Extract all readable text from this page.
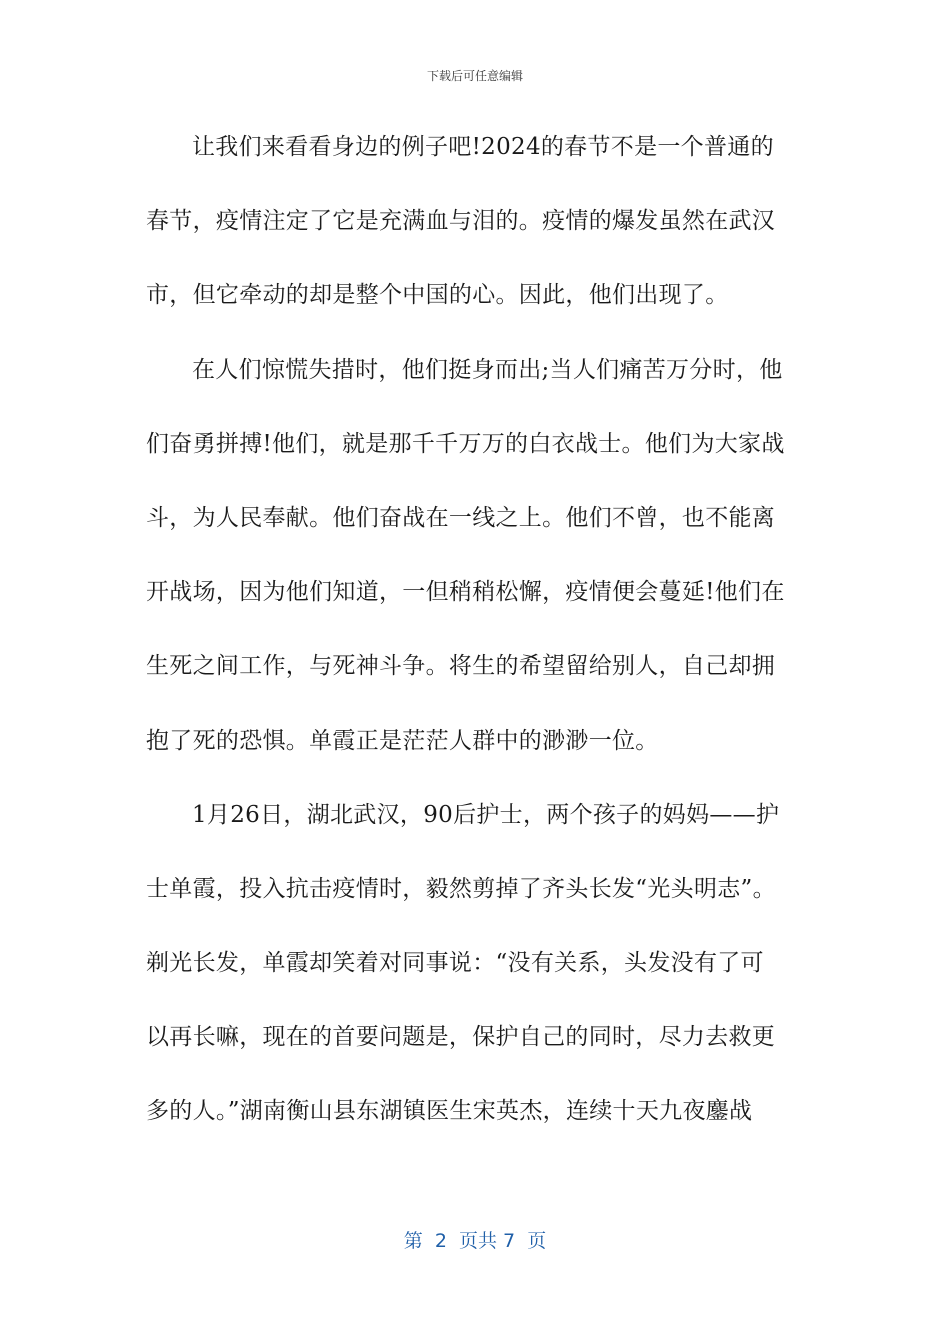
下载后可任意编辑
让我们来看看身边的例子吧!2024的春节不是一个普通的
春节，疫情注定了它是充满血与泪的。疫情的爆发虽然在武汉
市，但它牵动的却是整个中国的心。因此，他们出现了。
在人们惊慌失措时，他们挺身而出;当人们痛苦万分时，他
们奋勇拼搏!他们，就是那千千万万的白衣战士。他们为大家战
斗，为人民奉献。他们奋战在一线之上。他们不曾，也不能离
开战场，因为他们知道，一但稍稍松懈，疫情便会蔓延!他们在
生死之间工作，与死神斗争。将生的希望留给别人，自己却拥
抱了死的恐惧。单霞正是茫茫人群中的渺渺一位。
1月26日，湖北武汉，90后护士，两个孩子的妈妈——护
士单霞，投入抗击疫情时，毅然剪掉了齐头长发“光头明志”。
剃光长发，单霞却笑着对同事说：“没有关系，头发没有了可
以再长嘛，现在的首要问题是，保护自己的同时，尽力去救更
多的人。”湖南衡山县东湖镇医生宋英杰，连续十天九夜鏖战
第  2  页共 7  页
